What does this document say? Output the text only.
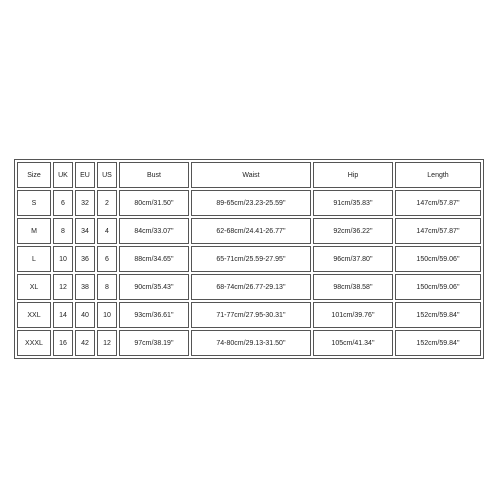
Size	UK	EU	US	Bust	Waist	Hip	Length
S	6	32	2	80cm/31.50''	89-65cm/23.23-25.59''	91cm/35.83''	147cm/57.87''
M	8	34	4	84cm/33.07''	62-68cm/24.41-26.77''	92cm/36.22''	147cm/57.87''
L	10	36	6	88cm/34.65''	65-71cm/25.59-27.95''	96cm/37.80''	150cm/59.06''
XL	12	38	8	90cm/35.43''	68-74cm/26.77-29.13''	98cm/38.58''	150cm/59.06''
XXL	14	40	10	93cm/36.61''	71-77cm/27.95-30.31''	101cm/39.76''	152cm/59.84''
XXXL	16	42	12	97cm/38.19''	74-80cm/29.13-31.50''	105cm/41.34''	152cm/59.84''
